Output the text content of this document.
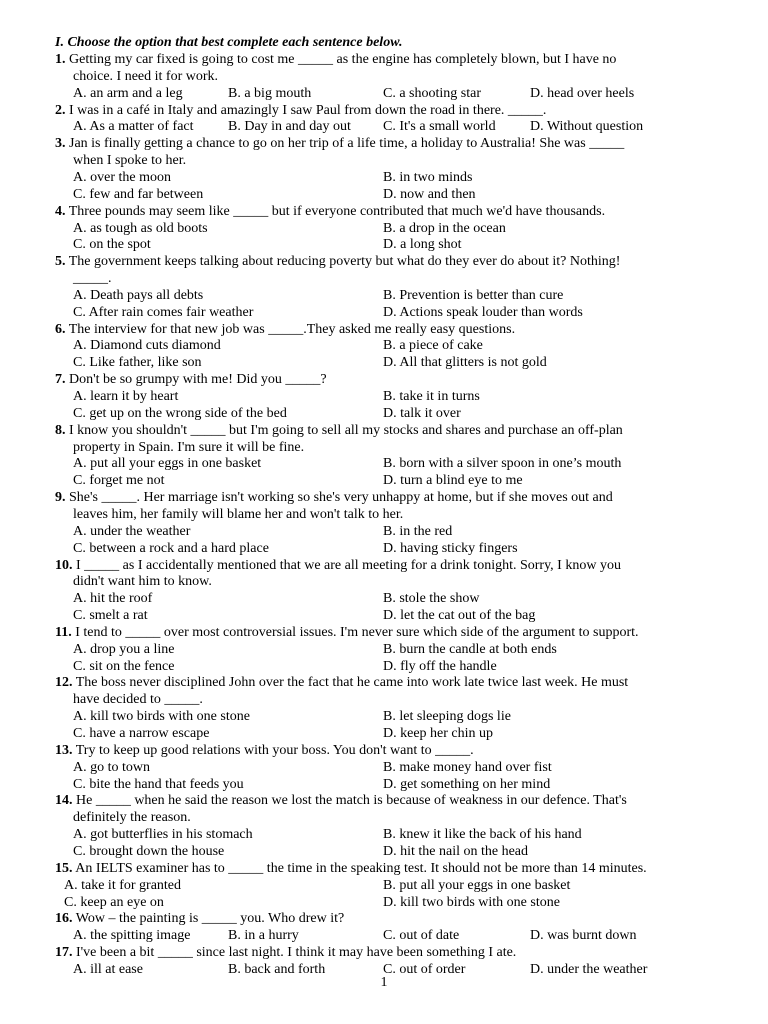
I. Choose the option that best complete each sentence below.
1
1. Getting my car fixed is going to cost me _____ as the engine has completely blown, but I have no
choice. I need it for work.
A. an arm and a leg	B. a big mouth	C. a shooting star	D. head over heels
2. I was in a café in Italy and amazingly I saw Paul from down the road in there. _____.
A. As a matter of fact B. Day in and day out C. It's a small world D. Without question
3. Jan is finally getting a chance to go on her trip of a life time, a holiday to Australia! She was _____
when I spoke to her.
A. over the moon	B. in two minds
C. few and far between	D. now and then
4. Three pounds may seem like _____ but if everyone contributed that much we'd have thousands.
A. as tough as old boots	B. a drop in the ocean
C. on the spot	D. a long shot
5. The government keeps talking about reducing poverty but what do they ever do about it? Nothing!
_____.
A. Death pays all debts	B. Prevention is better than cure
C. After rain comes fair weather	D. Actions speak louder than words
6. The interview for that new job was _____.They asked me really easy questions.
A. Diamond cuts diamond	B. a piece of cake
C. Like father, like son	D. All that glitters is not gold
7. Don't be so grumpy with me! Did you _____?
A. learn it by heart	B. take it in turns
C. get up on the wrong side of the bed	D. talk it over
8. I know you shouldn't _____ but I'm going to sell all my stocks and shares and purchase an off-plan
property in Spain. I'm sure it will be fine.
A. put all your eggs in one basket	B. born with a silver spoon in one’s mouth
C. forget me not	D. turn a blind eye to me
9. She's _____. Her marriage isn't working so she's very unhappy at home, but if she moves out and
leaves him, her family will blame her and won't talk to her.
A. under the weather	B. in the red
C. between a rock and a hard place	D. having sticky fingers
10. I _____ as I accidentally mentioned that we are all meeting for a drink tonight. Sorry, I know you
didn't want him to know.
A. hit the roof	B. stole the show
C. smelt a rat	D. let the cat out of the bag
11. I tend to _____ over most controversial issues. I'm never sure which side of the argument to support.
A. drop you a line	B. burn the candle at both ends
C. sit on the fence	D. fly off the handle
12. The boss never disciplined John over the fact that he came into work late twice last week. He must
have decided to _____.
A. kill two birds with one stone	B. let sleeping dogs lie
C. have a narrow escape	D. keep her chin up
13. Try to keep up good relations with your boss. You don't want to _____.
A. go to town	B. make money hand over fist
C. bite the hand that feeds you	D. get something on her mind
14. He _____ when he said the reason we lost the match is because of weakness in our defence. That's
definitely the reason.
A. got butterflies in his stomach	B. knew it like the back of his hand
C. brought down the house	D. hit the nail on the head
15. An IELTS examiner has to _____ the time in the speaking test. It should not be more than 14 minutes.
A. take it for granted	B. put all your eggs in one basket
C. keep an eye on	D. kill two birds with one stone
16. Wow – the painting is _____ you. Who drew it?
A. the spitting image	B. in a hurry	C. out of date	D. was burnt down
17. I've been a bit _____ since last night. I think it may have been something I ate.
A. ill at ease	B. back and forth	C. out of order	D. under the weather
